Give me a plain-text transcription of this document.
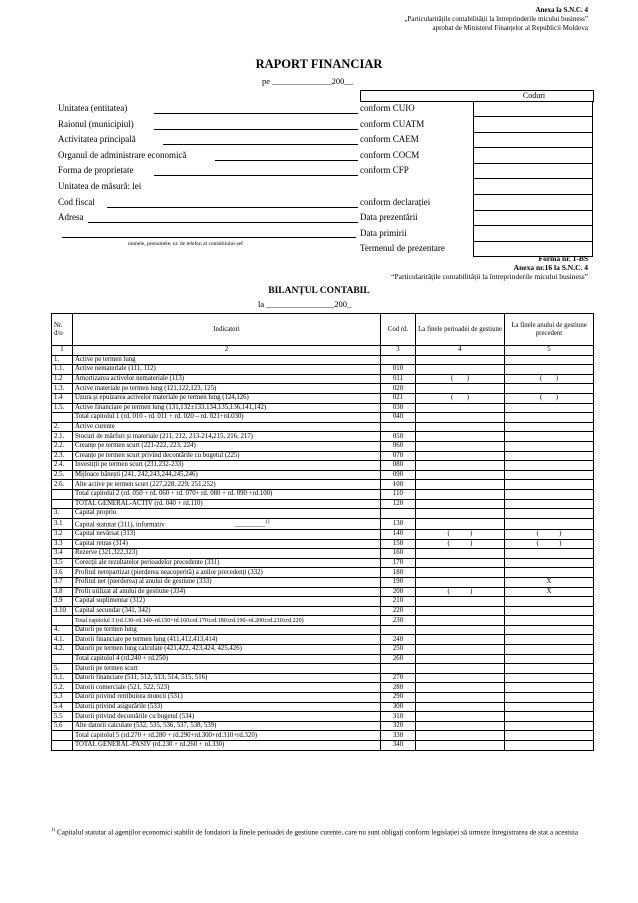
Anexa la S.N.C. 4
„Particularitățile contabilității la întreprinderile micului business”
aprobat de Ministerul Finanțelor al Republicii Moldova
RAPORT FINANCIAR
pe ______________200__
Coduri
Unitatea (entitatea)	conform CUIO
Raionul (municipiul)	conform CUATM
Activitatea principală	conform CAEM
Organul de administrare economică	conform COCM
Forma de proprietate	conform CFP
Unitatea de măsură: lei
Cod fiscal	conform declarației
Adresa	Data prezentării
Data primirii
Termenul de prezentare
numele, prenumele, nr. de telefon al contabilului-șef
Forma nr. 1-BS
Anexa nr.16 la S.N.C. 4
“Particularitățile contabilității la întreprinderile micului business”
BILANȚUL CONTABIL
la ________________200_
Nr. d/o	Indicatori	Cod rd.	La finele perioadei de gestiune	La finele anului de gestiune precedent
1	2	3	4	5
1.	Active pe termen lung			
1.1.	Active nemateriale (111, 112)	010		
1.2	Amortizarea activelor nemateriale (113)	011	(        )	(        )
1.3.	Active materiale pe termen lung (121,122,123, 125)	020		
1.4	Uzura și epuizarea activelor materiale pe termen lung (124,126)	021	(        )	(        )
1.5.	Active financiare pe termen lung (131,132±133,134,135,136,141,142)	030		
	Total capitolul 1 (rd. 010 - rd. 011 + rd. 020 – rd. 021+rd.030)	040		
2.	Active curente			
2.1.	Stocuri de mărfuri și materiale (211, 212, 213-214,215, 216, 217)	050		
2.2.	Creanțe pe termen scurt (221-222, 223, 224)	060		
2.3.	Creanțe pe termen scurt privind decontările cu bugetul (225)	070		
2.4.	Investiții pe termen scurt (231,232-233)	080		
2.5.	Mijloace bănești (241, 242,243,244,245,246)	090		
2.6.	Alte active pe termen scurt (227,228, 229, 251,252)	100		
	Total capitolul 2 (rd. 050 + rd. 060 + rd. 070+ rd. 080 + rd. 090 +rd.100)	110		
	TOTAL GENERAL-ACTIV (rd. 040 + rd.110)	120		
3.	Capital propriu			
3.1	Capital statutar (311), informativ _________$^{1)}$	130		
3.2	Capital nevărsat (313)	140	(            )	(            )
3.3	Capital retras (314)	150	(            )	(            )
3.4	Rezerve (321,322,323)	160		
3.5	Corecții ale rezultatelor perioadelor precedente (331)	170		
3.6	Profitul nerepartizat (pierderea neacoperită) a anilor precedenți (332)	180		
3.7	Profitul net (pierderea) al anului de gestiune (333)	190		X
3.8	Profit utilizat al anului de gestiune (334)	200	(            )	X
3.9	Capital suplimentar (312)	210		
3.10	Capital secundar (341, 342)	220		
	Total capitolul 3 (rd.130–rd.140–rd.150+rd.160±rd.170±rd.180±rd.190–rd.200±rd.210±rd.220)	230		
4.	Datorii pe termen lung			
4.1.	Datorii financiare pe termen lung (411,412,413,414)	240		
4.2.	Datorii pe termen lung calculate (421,422, 423,424, 425,426)	250		
	Total capitolul 4 (rd.240 + rd.250)	260		
5.	Datorii pe termen scurt			
5.1.	Datorii financiare (511, 512, 513, 514, 515, 516)	270		
5.2.	Datorii comerciale (521, 522, 523)	280		
5.3	Datorii privind retribuirea muncii (531)	290		
5.4	Datorii privind asigurările (533)	300		
5.5	Datorii privind decontările cu bugetul (534)	310		
5.6	Alte datorii calculate (532, 535, 536, 537, 538, 539)	320		
	Total capitolul 5 (rd.270 + rd.280 + rd.290+rd.300+rd.310+rd.320)	330		
	TOTAL GENERAL-PASIV (rd.230 + rd.260 + rd.330)	340		
$^{1)}$ Capitalul statutar al agenților economici stabilit de fondatori la finele perioadei de gestiune curente, care nu sunt obligați conform legislației să urmeze înregistrarea de stat a acestuia
